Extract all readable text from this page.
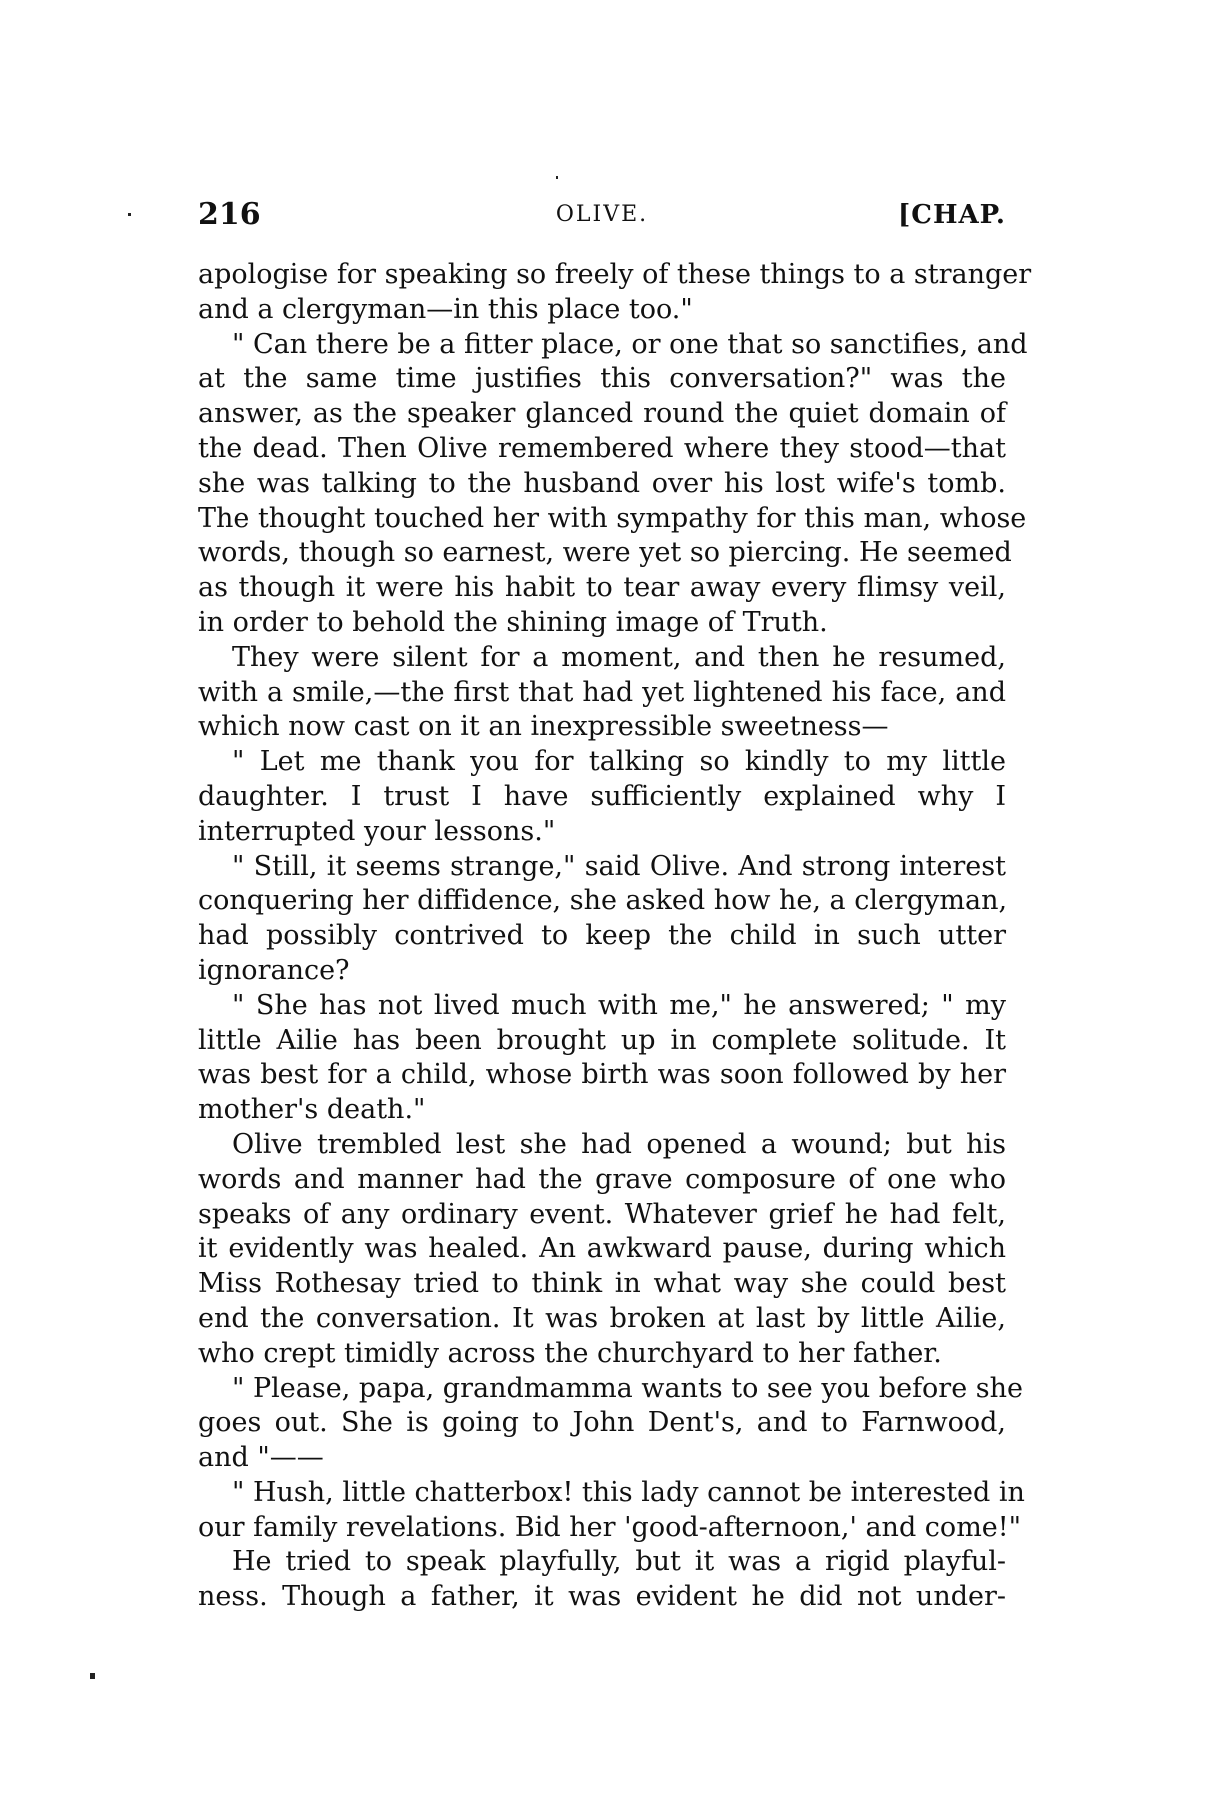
216	OLIVE.	[CHAP.
apologise for speaking so freely of these things to a stranger
and a clergyman—in this place too."
" Can there be a fitter place, or one that so sanctifies, and
at the same time justifies this conversation?" was the
answer, as the speaker glanced round the quiet domain of
the dead. Then Olive remembered where they stood—that
she was talking to the husband over his lost wife's tomb.
The thought touched her with sympathy for this man, whose
words, though so earnest, were yet so piercing. He seemed
as though it were his habit to tear away every flimsy veil,
in order to behold the shining image of Truth.
They were silent for a moment, and then he resumed,
with a smile,—the first that had yet lightened his face, and
which now cast on it an inexpressible sweetness—
" Let me thank you for talking so kindly to my little
daughter. I trust I have sufficiently explained why I
interrupted your lessons."
" Still, it seems strange," said Olive. And strong interest
conquering her diffidence, she asked how he, a clergyman,
had possibly contrived to keep the child in such utter
ignorance?
" She has not lived much with me," he answered; " my
little Ailie has been brought up in complete solitude. It
was best for a child, whose birth was soon followed by her
mother's death."
Olive trembled lest she had opened a wound; but his
words and manner had the grave composure of one who
speaks of any ordinary event. Whatever grief he had felt,
it evidently was healed. An awkward pause, during which
Miss Rothesay tried to think in what way she could best
end the conversation. It was broken at last by little Ailie,
who crept timidly across the churchyard to her father.
" Please, papa, grandmamma wants to see you before she
goes out. She is going to John Dent's, and to Farnwood,
and "——
" Hush, little chatterbox! this lady cannot be interested in
our family revelations. Bid her 'good-afternoon,' and come!"
He tried to speak playfully, but it was a rigid playful-
ness. Though a father, it was evident he did not under-
